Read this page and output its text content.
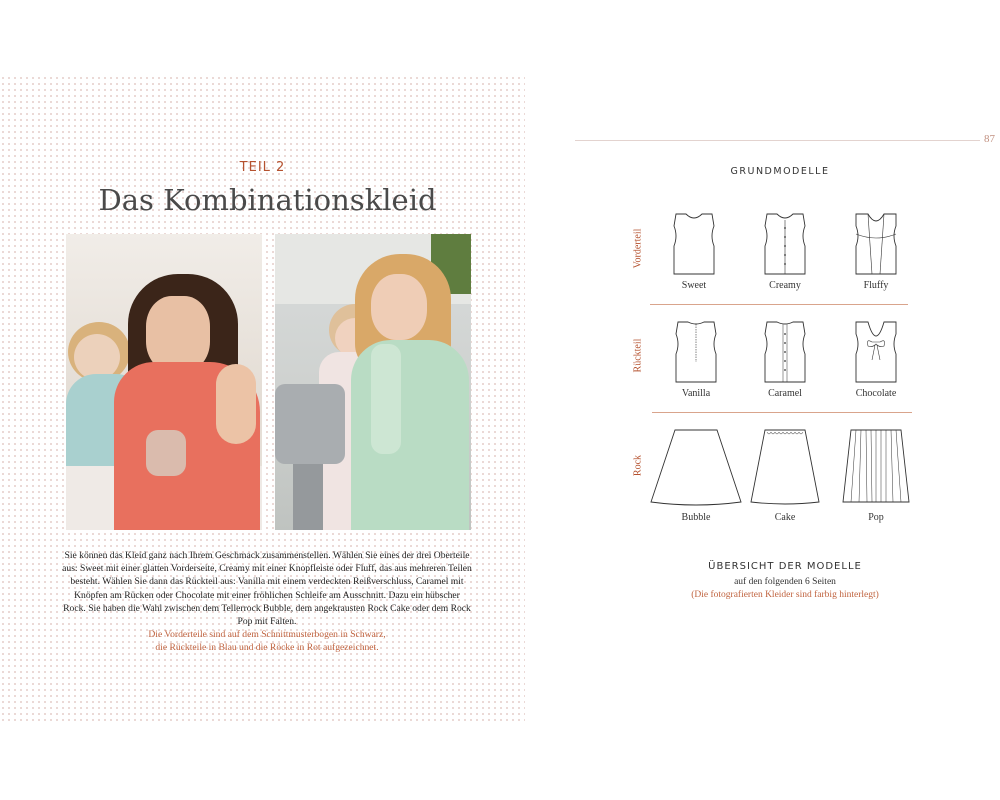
TEIL 2
Das Kombinationskleid
Sie können das Kleid ganz nach Ihrem Geschmack zusammenstellen. Wählen Sie eines der drei Oberteile aus: Sweet mit einer glatten Vorderseite, Creamy mit einer Knopfleiste oder Fluff, das aus mehreren Teilen besteht. Wählen Sie dann das Rückteil aus: Vanilla mit einem verdeckten Reißverschluss, Caramel mit Knöpfen am Rücken oder Chocolate mit einer fröhlichen Schleife am Ausschnitt. Dazu ein hübscher Rock. Sie haben die Wahl zwischen dem Tellerrock Bubble, dem angekrausten Rock Cake oder dem Rock Pop mit Falten.
Die Vorderteile sind auf dem Schnittmusterbogen in Schwarz,
die Rückteile in Blau und die Röcke in Rot aufgezeichnet.
87
GRUNDMODELLE
Vorderteil
Rückteil
Rock
Sweet	Creamy	Fluffy
Vanilla	Caramel	Chocolate
Bubble	Cake	Pop
ÜBERSICHT DER MODELLE
auf den folgenden 6 Seiten
(Die fotografierten Kleider sind farbig hinterlegt)
